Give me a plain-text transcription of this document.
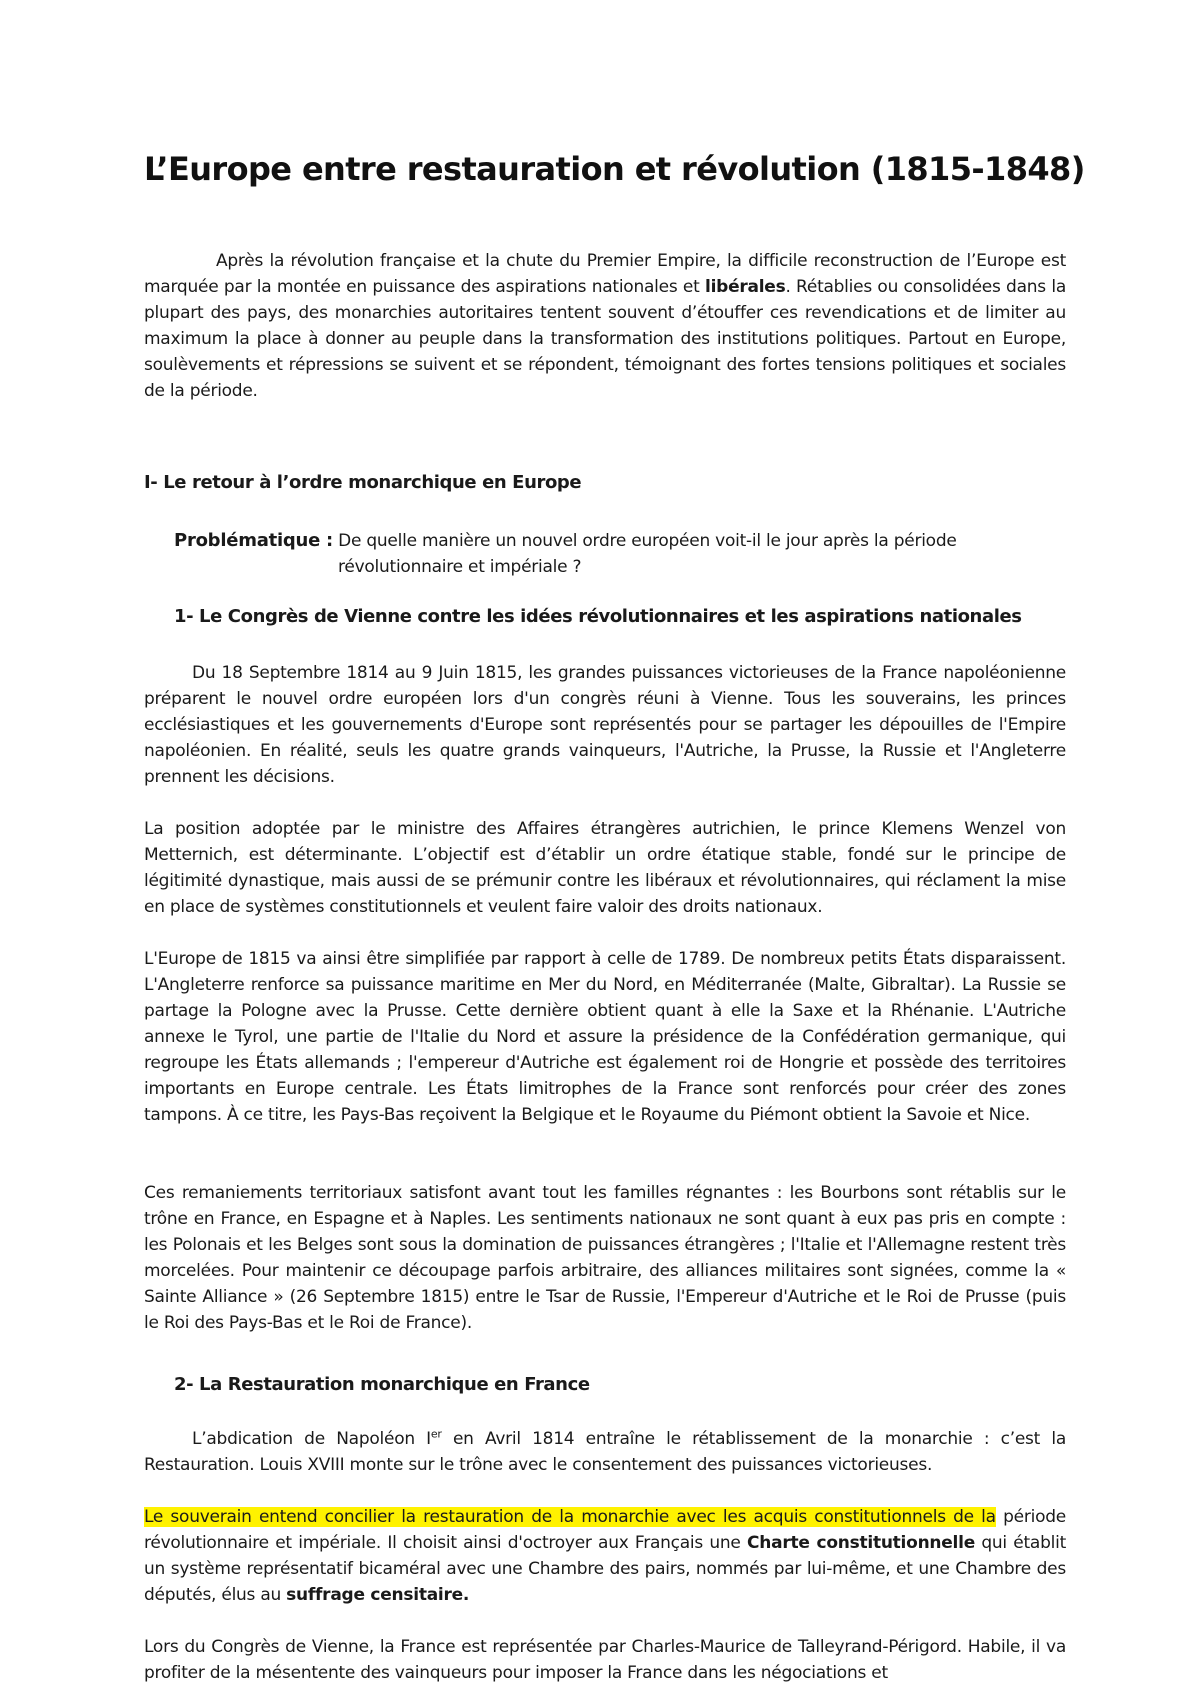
L’Europe entre restauration et révolution (1815-1848)

Après la révolution française et la chute du Premier Empire, la difficile reconstruction de l’Europe est marquée par la montée en puissance des aspirations nationales et libérales. Rétablies ou consolidées dans la plupart des pays, des monarchies autoritaires tentent souvent d’étouffer ces revendications et de limiter au maximum la place à donner au peuple dans la transformation des institutions politiques. Partout en Europe, soulèvements et répressions se suivent et se répondent, témoignant des fortes tensions politiques et sociales de la période.

I- Le retour à l’ordre monarchique en Europe
Problématique : De quelle manière un nouvel ordre européen voit-il le jour après la période
révolutionnaire et impériale ?
1- Le Congrès de Vienne contre les idées révolutionnaires et les aspirations nationales

Du 18 Septembre 1814 au 9 Juin 1815, les grandes puissances victorieuses de la France napoléonienne préparent le nouvel ordre européen lors d'un congrès réuni à Vienne. Tous les souverains, les princes ecclésiastiques et les gouvernements d'Europe sont représentés pour se partager les dépouilles de l'Empire napoléonien. En réalité, seuls les quatre grands vainqueurs, l'Autriche, la Prusse, la Russie et l'Angleterre prennent les décisions.

La position adoptée par le ministre des Affaires étrangères autrichien, le prince Klemens Wenzel von Metternich, est déterminante. L’objectif est d’établir un ordre étatique stable, fondé sur le principe de légitimité dynastique, mais aussi de se prémunir contre les libéraux et révolutionnaires, qui réclament la mise en place de systèmes constitutionnels et veulent faire valoir des droits nationaux.

L'Europe de 1815 va ainsi être simplifiée par rapport à celle de 1789. De nombreux petits États disparaissent. L'Angleterre renforce sa puissance maritime en Mer du Nord, en Méditerranée (Malte, Gibraltar). La Russie se partage la Pologne avec la Prusse. Cette dernière obtient quant à elle la Saxe et la Rhénanie. L'Autriche annexe le Tyrol, une partie de l'Italie du Nord et assure la présidence de la Confédération germanique, qui regroupe les États allemands ; l'empereur d'Autriche est également roi de Hongrie et possède des territoires importants en Europe centrale. Les États limitrophes de la France sont renforcés pour créer des zones tampons. À ce titre, les Pays-Bas reçoivent la Belgique et le Royaume du Piémont obtient la Savoie et Nice.

Ces remaniements territoriaux satisfont avant tout les familles régnantes : les Bourbons sont rétablis sur le trône en France, en Espagne et à Naples. Les sentiments nationaux ne sont quant à eux pas pris en compte : les Polonais et les Belges sont sous la domination de puissances étrangères ; l'Italie et l'Allemagne restent très morcelées. Pour maintenir ce découpage parfois arbitraire, des alliances militaires sont signées, comme la « Sainte Alliance » (26 Septembre 1815) entre le Tsar de Russie, l'Empereur d'Autriche et le Roi de Prusse (puis le Roi des Pays-Bas et le Roi de France).

2- La Restauration monarchique en France

L’abdication de Napoléon Ier en Avril 1814 entraîne le rétablissement de la monarchie : c’est la Restauration. Louis XVIII monte sur le trône avec le consentement des puissances victorieuses.

Le souverain entend concilier la restauration de la monarchie avec les acquis constitutionnels de la période révolutionnaire et impériale. Il choisit ainsi d'octroyer aux Français une Charte constitutionnelle qui établit un système représentatif bicaméral avec une Chambre des pairs, nommés par lui-même, et une Chambre des députés, élus au suffrage censitaire.

Lors du Congrès de Vienne, la France est représentée par Charles-Maurice de Talleyrand-Périgord. Habile, il va profiter de la mésentente des vainqueurs pour imposer la France dans les négociations et
